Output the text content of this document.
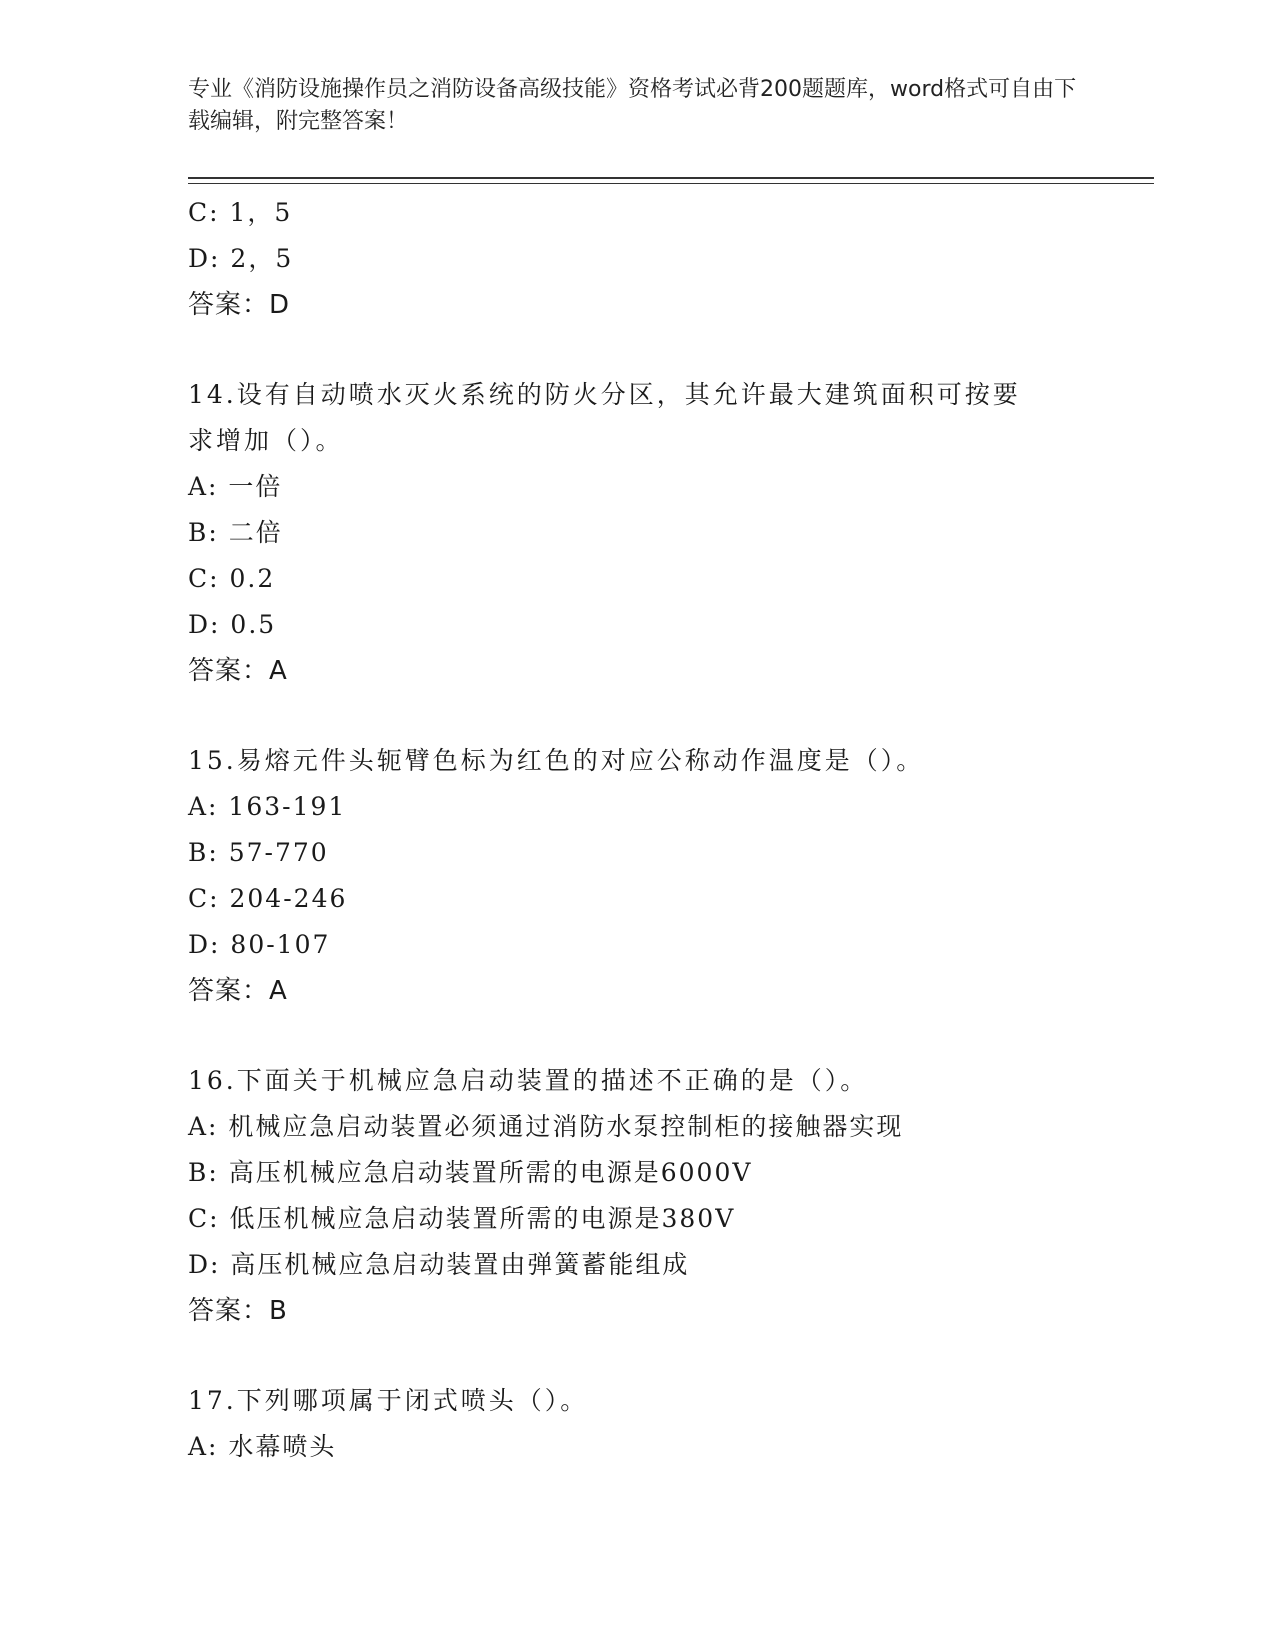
专业《消防设施操作员之消防设备高级技能》资格考试必背200题题库，word格式可自由下载编辑，附完整答案！
C: 1，5
D: 2，5
答案：D
14.设有自动喷水灭火系统的防火分区，其允许最大建筑面积可按要求增加（）。
A: 一倍
B: 二倍
C: 0.2
D: 0.5
答案：A
15.易熔元件头轭臂色标为红色的对应公称动作温度是（）。
A: 163-191
B: 57-770
C: 204-246
D: 80-107
答案：A
16.下面关于机械应急启动装置的描述不正确的是（）。
A: 机械应急启动装置必须通过消防水泵控制柜的接触器实现
B: 高压机械应急启动装置所需的电源是6000V
C: 低压机械应急启动装置所需的电源是380V
D: 高压机械应急启动装置由弹簧蓄能组成
答案：B
17.下列哪项属于闭式喷头（）。
A: 水幕喷头
